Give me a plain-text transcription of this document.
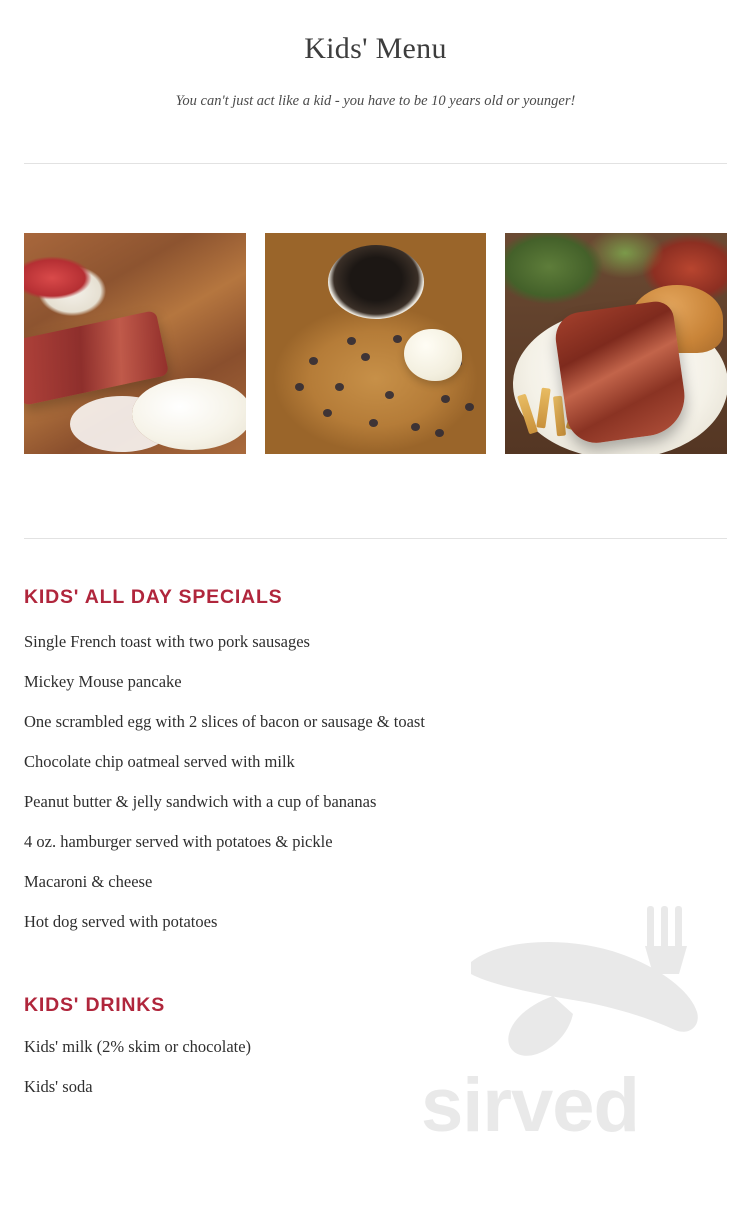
Kids' Menu

You can't just act like a kid - you have to be 10 years old or younger!

sirved
KIDS' ALL DAY SPECIALS

Single French toast with two pork sausages

Mickey Mouse pancake

One scrambled egg with 2 slices of bacon or sausage & toast

Chocolate chip oatmeal served with milk

Peanut butter & jelly sandwich with a cup of bananas

4 oz. hamburger served with potatoes & pickle

Macaroni & cheese

Hot dog served with potatoes

KIDS' DRINKS

Kids' milk (2% skim or chocolate)

Kids' soda
